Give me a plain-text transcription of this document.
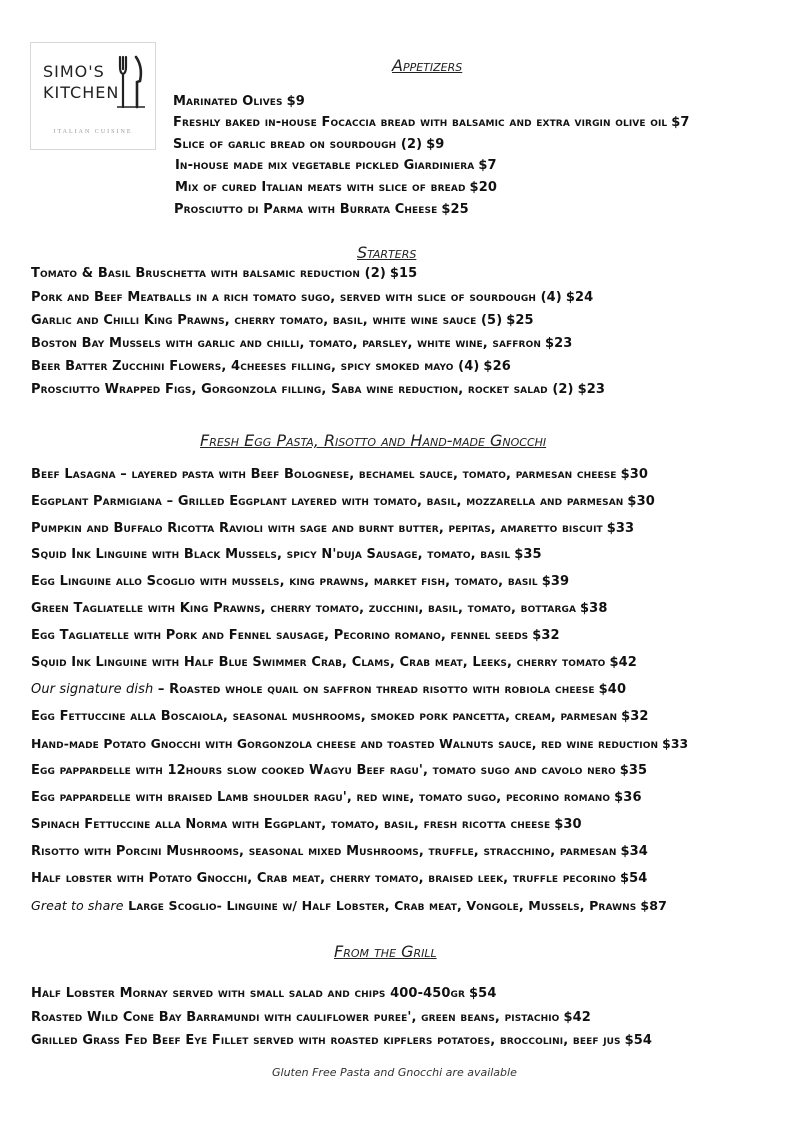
SIMO'S
KITCHEN
ITALIAN CUISINE
Appetizers
Marinated Olives $9
Freshly baked in-house Focaccia bread with balsamic and extra virgin olive oil $7
Slice of garlic bread on sourdough (2) $9
In-house made mix vegetable pickled Giardiniera $7
Mix of cured Italian meats with slice of bread $20
Prosciutto di Parma with Burrata Cheese $25
Starters
Tomato & Basil Bruschetta with balsamic reduction (2) $15
Pork and Beef Meatballs in a rich tomato sugo, served with slice of sourdough (4) $24
Garlic and Chilli King Prawns, cherry tomato, basil, white wine sauce (5) $25
Boston Bay Mussels with garlic and chilli, tomato, parsley, white wine, saffron $23
Beer Batter Zucchini Flowers, 4cheeses filling, spicy smoked mayo (4) $26
Prosciutto Wrapped Figs, Gorgonzola filling, Saba wine reduction, rocket salad (2) $23
Fresh Egg Pasta, Risotto and Hand-made Gnocchi
Beef Lasagna – layered pasta with Beef Bolognese, bechamel sauce, tomato, parmesan cheese $30
Eggplant Parmigiana – Grilled Eggplant layered with tomato, basil, mozzarella and parmesan $30
Pumpkin and Buffalo Ricotta Ravioli with sage and burnt butter, pepitas, amaretto biscuit $33
Squid Ink Linguine with Black Mussels, spicy N'duja Sausage, tomato, basil $35
Egg Linguine allo Scoglio with mussels, king prawns, market fish, tomato, basil $39
Green Tagliatelle with King Prawns, cherry tomato, zucchini, basil, tomato, bottarga $38
Egg Tagliatelle with Pork and Fennel sausage, Pecorino romano, fennel seeds $32
Squid Ink Linguine with Half Blue Swimmer Crab, Clams, Crab meat, Leeks, cherry tomato $42
Our signature dish – Roasted whole quail on saffron thread risotto with robiola cheese $40
Egg Fettuccine alla Boscaiola, seasonal mushrooms, smoked pork pancetta, cream, parmesan $32
Hand-made Potato Gnocchi with Gorgonzola cheese and toasted Walnuts sauce, red wine reduction $33
Egg pappardelle with 12hours slow cooked Wagyu Beef ragu', tomato sugo and cavolo nero $35
Egg pappardelle with braised Lamb shoulder ragu', red wine, tomato sugo, pecorino romano $36
Spinach Fettuccine alla Norma with Eggplant, tomato, basil, fresh ricotta cheese $30
Risotto with Porcini Mushrooms, seasonal mixed Mushrooms, truffle, stracchino, parmesan $34
Half lobster with Potato Gnocchi, Crab meat, cherry tomato, braised leek, truffle pecorino $54
Great to share Large Scoglio- Linguine w/ Half Lobster, Crab meat, Vongole, Mussels, Prawns $87
From the Grill
Half Lobster Mornay served with small salad and chips 400-450gr $54
Roasted Wild Cone Bay Barramundi with cauliflower puree', green beans, pistachio $42
Grilled Grass Fed Beef Eye Fillet served with roasted kipflers potatoes, broccolini, beef jus $54
Gluten Free Pasta and Gnocchi are available
